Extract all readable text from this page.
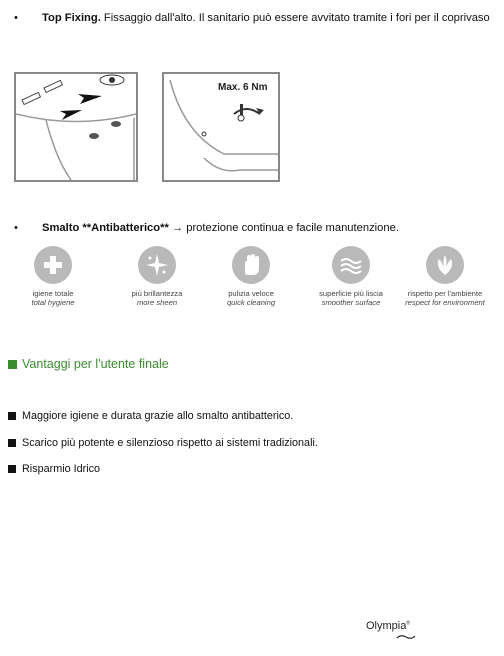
• Top Fixing. Fissaggio dall'alto. Il sanitario può essere avvitato tramite i fori per il coprivaso
Max. 6 Nm
• Smalto **Antibatterico** → protezione continua e facile manutenzione.
igiene totale
total hygiene
più brillantezza
more sheen
pulizia veloce
quick cleaning
superficie più liscia
smoother surface
rispetto per l'ambiente
respect for environment
Vantaggi per l'utente finale
Maggiore igiene e durata grazie allo smalto antibatterico.
Scarico più potente e silenzioso rispetto ai sistemi tradizionali.
Risparmio Idrico
Olympia®
